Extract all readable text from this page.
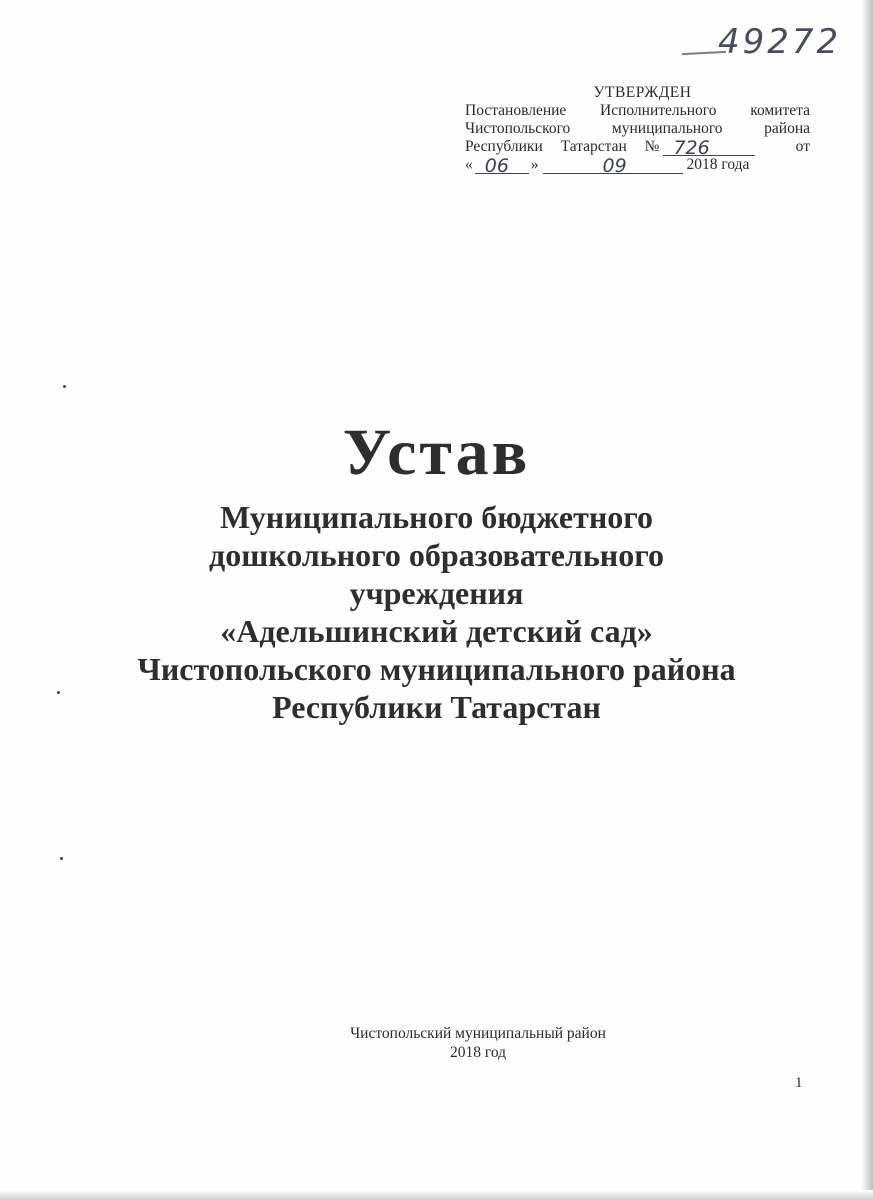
49272
УТВЕРЖДЕН
Постановление Исполнительного комитета
Чистопольского муниципального района
Республики Татарстан № 726	от
« 06 »	09	2018 года
Устав
Муниципального бюджетного
дошкольного образовательного
учреждения
«Адельшинский детский сад»
Чистопольского муниципального района
Республики Татарстан
Чистопольский муниципальный район
2018 год
1
